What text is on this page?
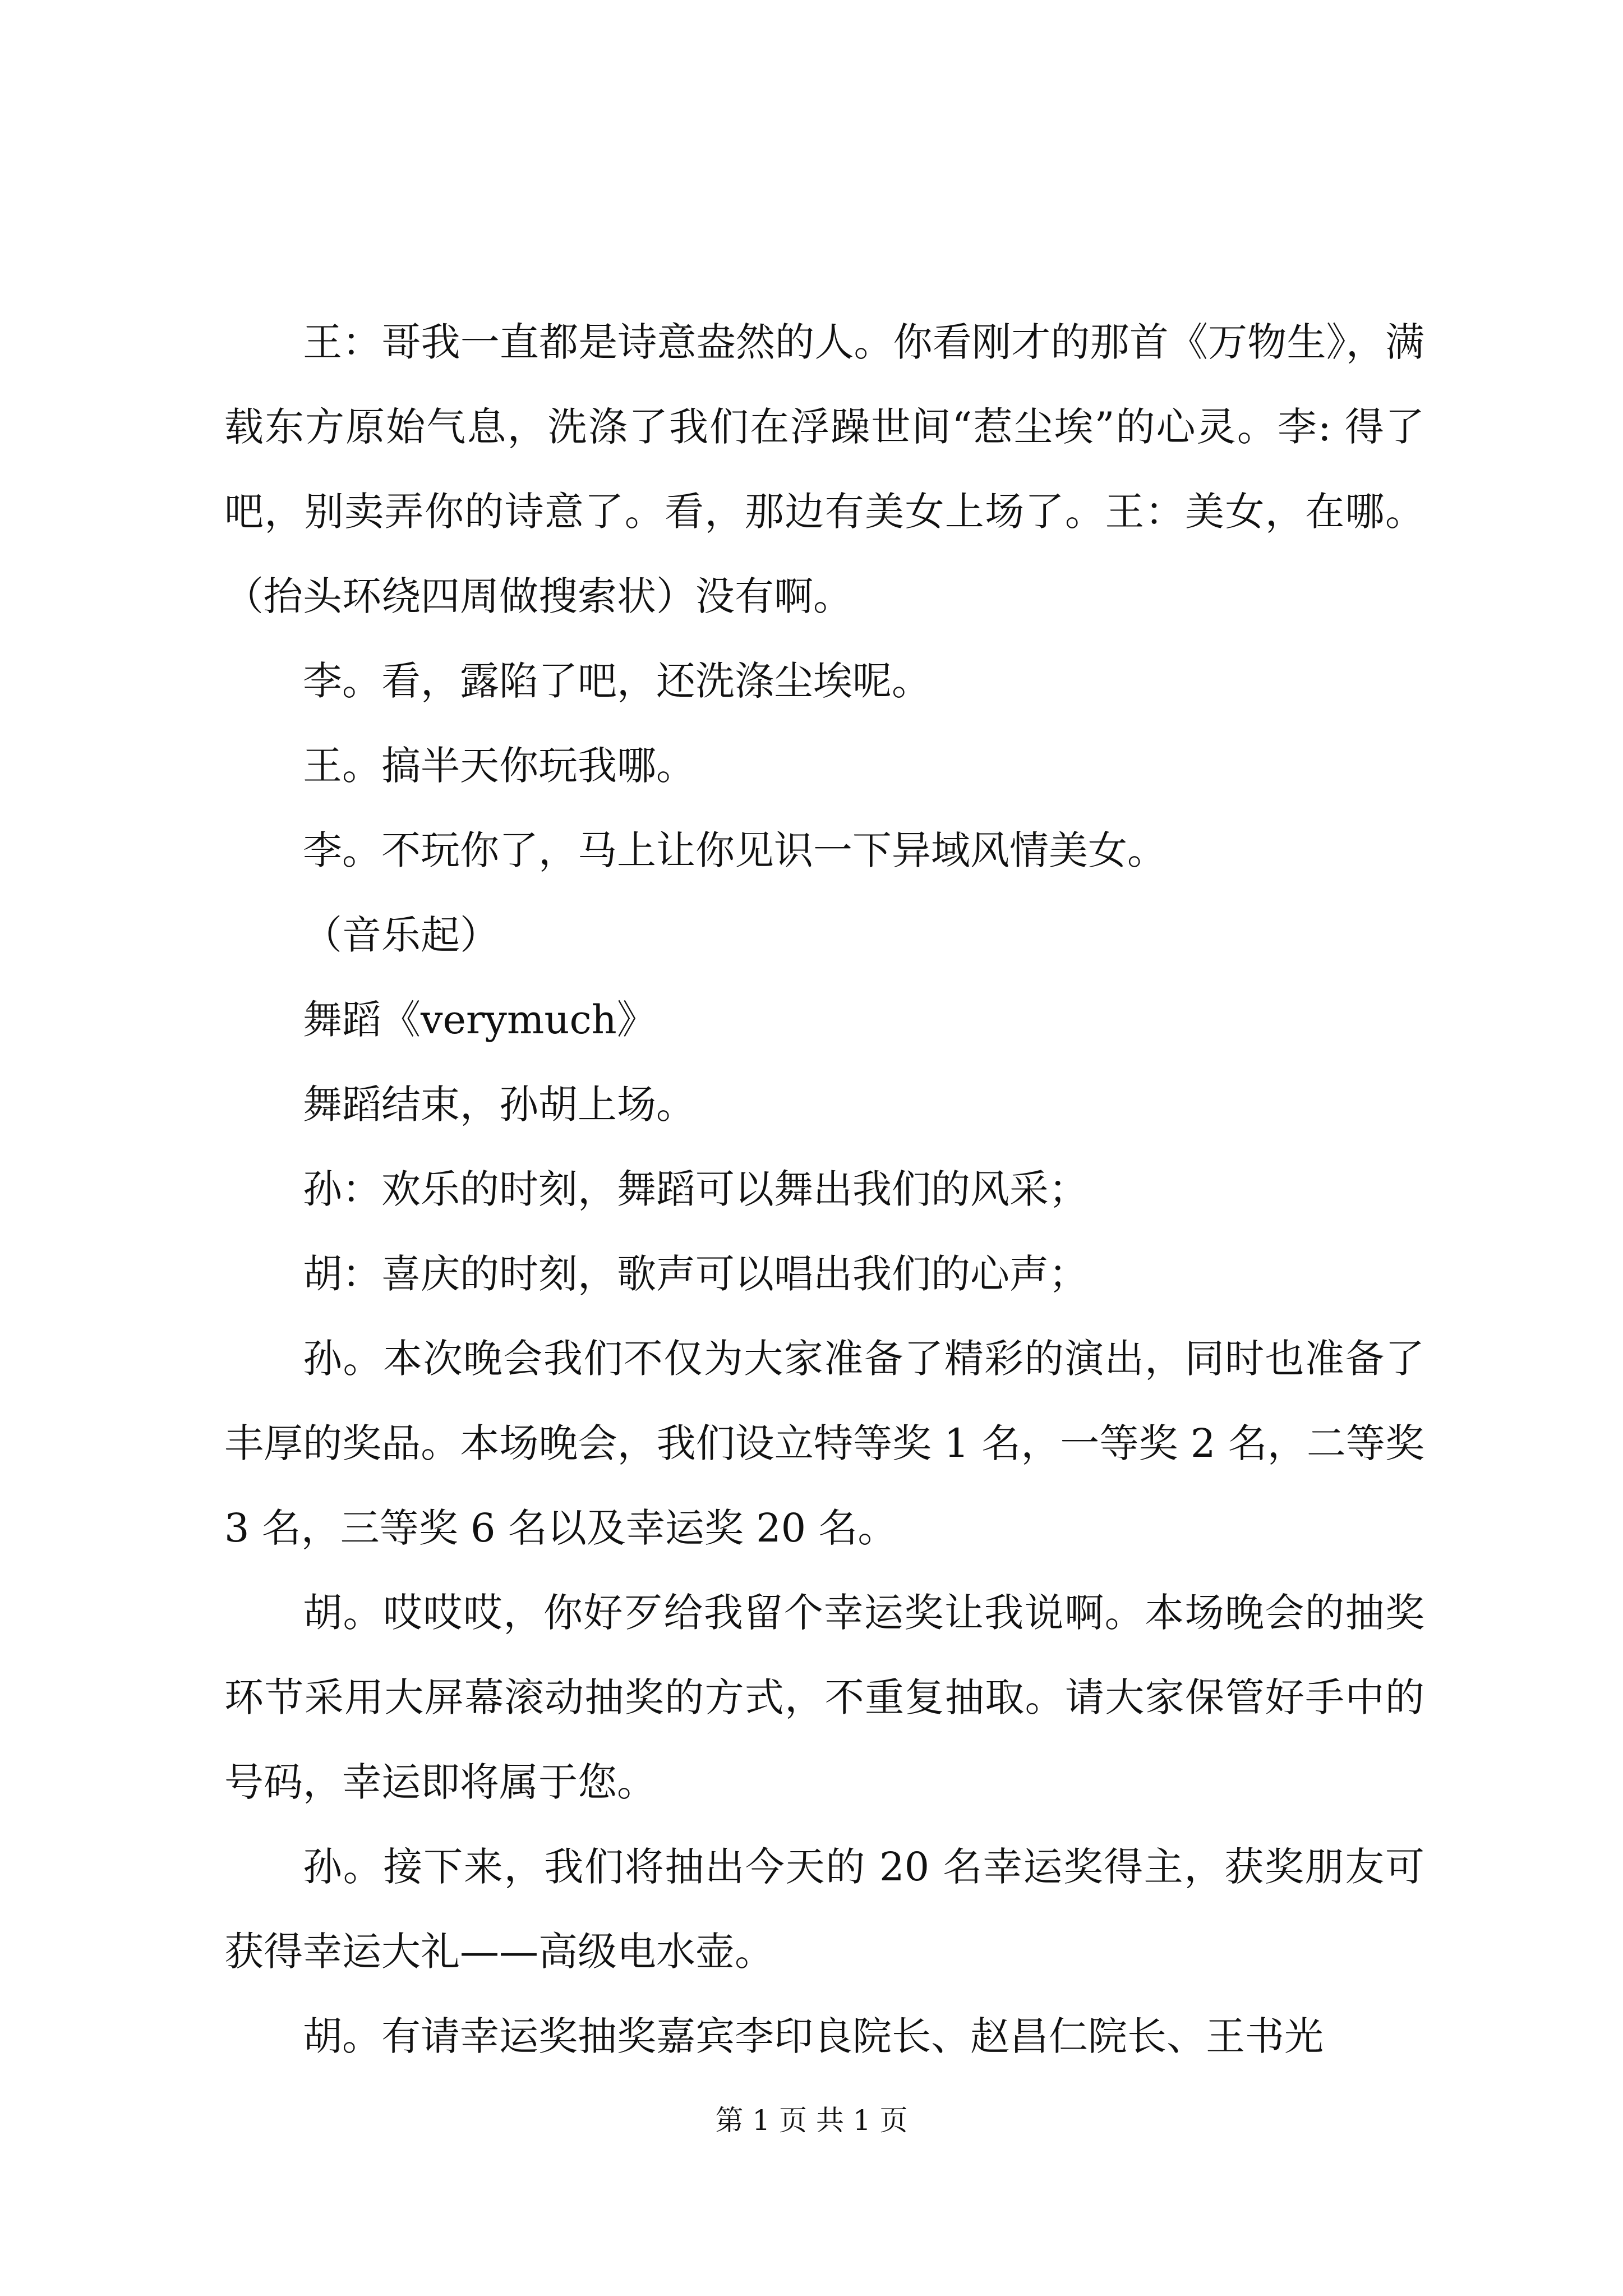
王：哥我一直都是诗意盎然的人。你看刚才的那首《万物生》，满载东方原始气息，洗涤了我们在浮躁世间“惹尘埃”的心灵。李: 得了吧，别卖弄你的诗意了。看，那边有美女上场了。王：美女，在哪。（抬头环绕四周做搜索状）没有啊。

李。看，露陷了吧，还洗涤尘埃呢。

王。搞半天你玩我哪。

李。不玩你了，马上让你见识一下异域风情美女。

（音乐起）

舞蹈《verymuch》

舞蹈结束，孙胡上场。

孙：欢乐的时刻，舞蹈可以舞出我们的风采；

胡：喜庆的时刻，歌声可以唱出我们的心声；

孙。本次晚会我们不仅为大家准备了精彩的演出，同时也准备了丰厚的奖品。本场晚会，我们设立特等奖 1 名，一等奖 2 名，二等奖 3 名，三等奖 6 名以及幸运奖 20 名。

胡。哎哎哎，你好歹给我留个幸运奖让我说啊。本场晚会的抽奖环节采用大屏幕滚动抽奖的方式，不重复抽取。请大家保管好手中的号码，幸运即将属于您。

孙。接下来，我们将抽出今天的 20 名幸运奖得主，获奖朋友可获得幸运大礼——高级电水壶。

胡。有请幸运奖抽奖嘉宾李印良院长、赵昌仁院长、王书光

第 1 页 共 1 页
